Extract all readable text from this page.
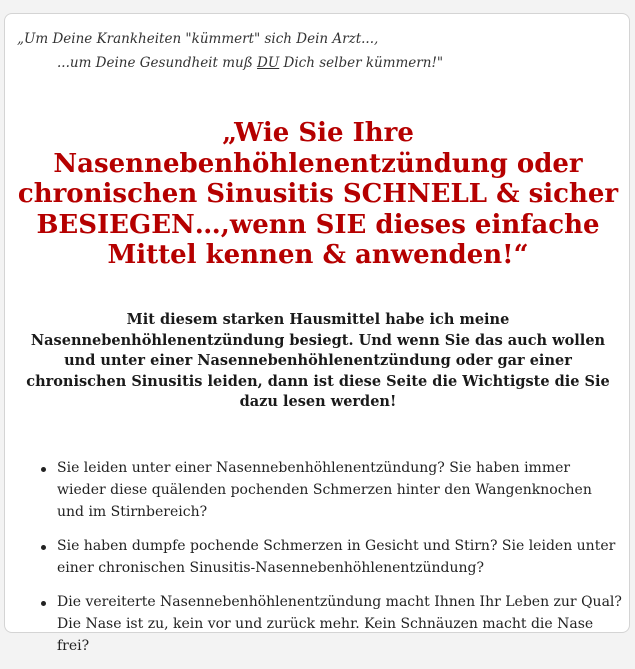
„Um Deine Krankheiten "kümmert" sich Dein Arzt...,
...um Deine Gesundheit muß DU Dich selber kümmern!"
„Wie Sie Ihre Nasennebenhöhlenentzündung oder chronischen Sinusitis SCHNELL & sicher BESIEGEN…,wenn SIE dieses einfache Mittel kennen & anwenden!“
Mit diesem starken Hausmittel habe ich meine Nasennebenhöhlenentzündung besiegt. Und wenn Sie das auch wollen und unter einer Nasennebenhöhlenentzündung oder gar einer chronischen Sinusitis leiden, dann ist diese Seite die Wichtigste die Sie dazu lesen werden!
Sie leiden unter einer Nasennebenhöhlenentzündung? Sie haben immer wieder diese quälenden pochenden Schmerzen hinter den Wangenknochen und im Stirnbereich?
Sie haben dumpfe pochende Schmerzen in Gesicht und Stirn? Sie leiden unter einer chronischen Sinusitis-Nasennebenhöhlenentzündung?
Die vereiterte Nasennebenhöhlenentzündung macht Ihnen Ihr Leben zur Qual? Die Nase ist zu, kein vor und zurück mehr. Kein Schnäuzen macht die Nase frei?
